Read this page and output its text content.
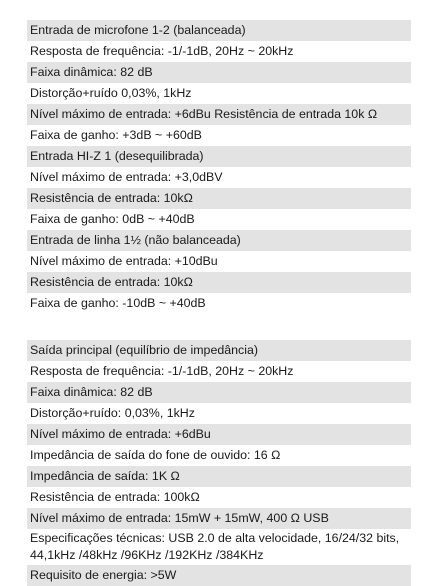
Entrada de microfone 1-2 (balanceada)
Resposta de frequência: -1/-1dB, 20Hz ~ 20kHz
Faixa dinâmica: 82 dB
Distorção+ruído 0,03%, 1kHz
Nível máximo de entrada: +6dBu Resistência de entrada 10k Ω
Faixa de ganho: +3dB ~ +60dB
Entrada HI-Z 1 (desequilibrada)
Nível máximo de entrada: +3,0dBV
Resistência de entrada: 10kΩ
Faixa de ganho: 0dB ~ +40dB
Entrada de linha 1½ (não balanceada)
Nível máximo de entrada: +10dBu
Resistência de entrada: 10kΩ
Faixa de ganho: -10dB ~ +40dB
Saída principal (equilíbrio de impedância)
Resposta de frequência: -1/-1dB, 20Hz ~ 20kHz
Faixa dinâmica: 82 dB
Distorção+ruído: 0,03%, 1kHz
Nível máximo de entrada: +6dBu
Impedância de saída do fone de ouvido: 16 Ω
Impedância de saída: 1K Ω
Resistência de entrada: 100kΩ
Nível máximo de entrada: 15mW + 15mW, 400 Ω USB
Especificações técnicas: USB 2.0 de alta velocidade, 16/24/32 bits, 44,1kHz /48kHz /96KHz /192KHz /384KHz
Requisito de energia: >5W
